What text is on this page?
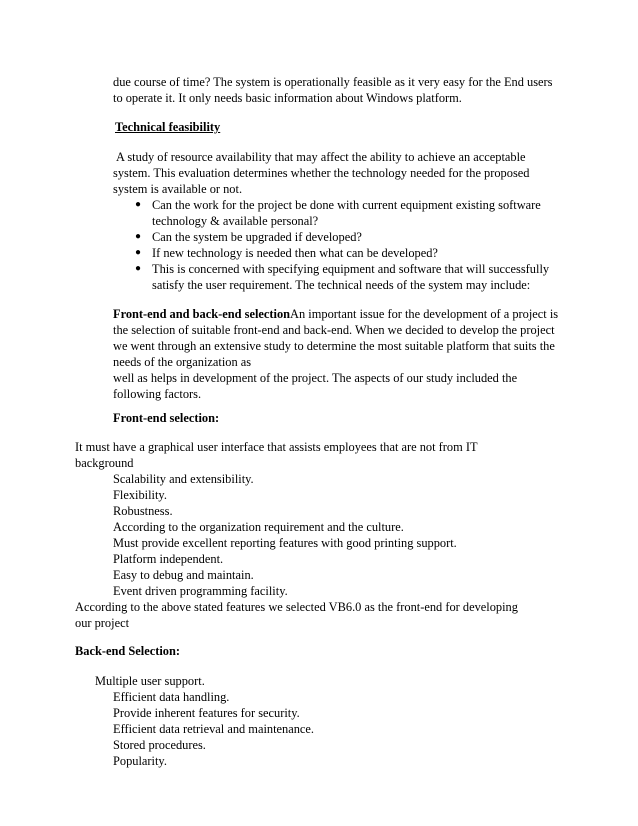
due course of time? The system is operationally feasible as it very easy for the End users
to operate it. It only needs basic information about Windows platform.
Technical feasibility
A study of resource availability that may affect the ability to achieve an acceptable
system. This evaluation determines whether the technology needed for the proposed
system is available or not.
● Can the work for the project be done with current equipment existing software
technology & available personal?
● Can the system be upgraded if developed?
● If new technology is needed then what can be developed?
● This is concerned with specifying equipment and software that will successfully
satisfy the user requirement. The technical needs of the system may include:
Front-end and back-end selectionAn important issue for the development of a project is
the selection of suitable front-end and back-end. When we decided to develop the project
we went through an extensive study to determine the most suitable platform that suits the
needs of the organization as
well as helps in development of the project. The aspects of our study included the
following factors.
Front-end selection:
It must have a graphical user interface that assists employees that are not from IT
background
Scalability and extensibility.
Flexibility.
Robustness.
According to the organization requirement and the culture.
Must provide excellent reporting features with good printing support.
Platform independent.
Easy to debug and maintain.
Event driven programming facility.
According to the above stated features we selected VB6.0 as the front-end for developing
our project
Back-end Selection:
Multiple user support.
Efficient data handling.
Provide inherent features for security.
Efficient data retrieval and maintenance.
Stored procedures.
Popularity.
